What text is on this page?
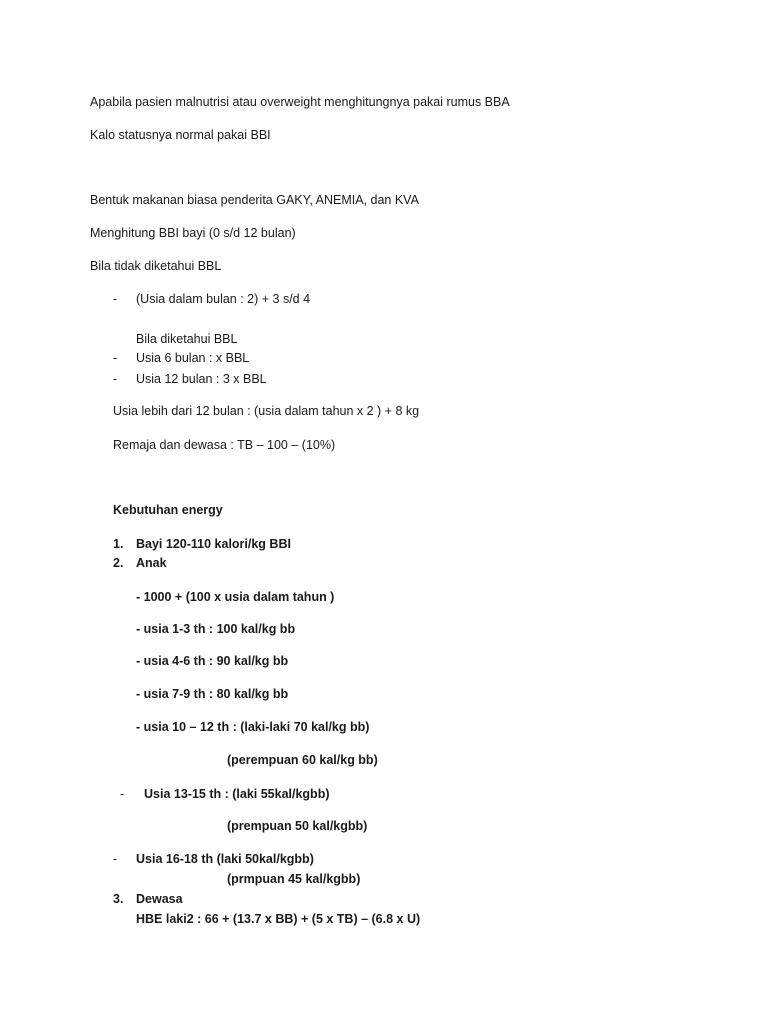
Apabila pasien malnutrisi atau overweight menghitungnya pakai rumus BBA
Kalo statusnya normal pakai BBI
Bentuk makanan biasa penderita GAKY, ANEMIA, dan KVA
Menghitung BBI bayi (0 s/d 12 bulan)
Bila tidak diketahui BBL
- (Usia dalam bulan : 2) + 3 s/d 4
Bila diketahui BBL
- Usia 6 bulan : x BBL
- Usia 12 bulan : 3 x BBL
Usia lebih dari 12 bulan : (usia dalam tahun x 2 ) + 8 kg
Remaja dan dewasa : TB – 100 – (10%)
Kebutuhan energy
1. Bayi 120-110 kalori/kg BBI
2. Anak
- 1000 + (100 x usia dalam tahun )
- usia 1-3 th : 100 kal/kg bb
- usia 4-6 th : 90 kal/kg bb
- usia 7-9 th : 80 kal/kg bb
- usia 10 – 12 th : (laki-laki 70 kal/kg bb)
(perempuan 60 kal/kg bb)
- Usia 13-15 th : (laki 55kal/kgbb)
(prempuan 50 kal/kgbb)
- Usia 16-18 th (laki 50kal/kgbb)
(prmpuan 45 kal/kgbb)
3. Dewasa
HBE laki2 : 66 + (13.7 x BB) + (5 x TB) – (6.8 x U)
